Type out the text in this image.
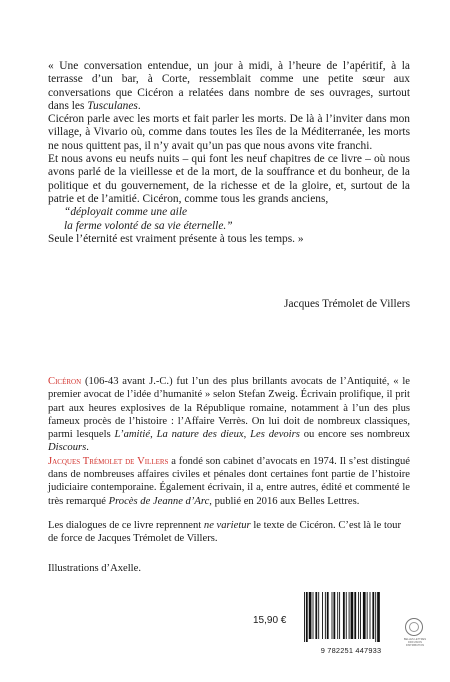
« Une conversation entendue, un jour à midi, à l’heure de l’apéritif, à la terrasse d’un bar, à Corte, ressemblait comme une petite sœur aux conversations que Cicéron a relatées dans nombre de ses ouvrages, surtout dans les Tusculanes.

Cicéron parle avec les morts et fait parler les morts. De là à l’inviter dans mon village, à Vivario où, comme dans toutes les îles de la Méditerranée, les morts ne nous quittent pas, il n’y avait qu’un pas que nous avons vite franchi.

Et nous avons eu neufs nuits – qui font les neuf chapitres de ce livre – où nous avons parlé de la vieillesse et de la mort, de la souffrance et du bonheur, de la politique et du gouvernement, de la richesse et de la gloire, et, surtout de la patrie et de l’amitié. Cicéron, comme tous les grands anciens,

“déployait comme une aile

la ferme volonté de sa vie éternelle.”

Seule l’éternité est vraiment présente à tous les temps. »

Jacques Trémolet de Villers

Cicéron (106-43 avant J.-C.) fut l’un des plus brillants avocats de l’Antiquité, « le premier avocat de l’idée d’humanité » selon Stefan Zweig. Écrivain prolifique, il prit part aux heures explosives de la République romaine, notamment à l’un des plus fameux procès de l’histoire : l’Affaire Verrès. On lui doit de nombreux classiques, parmi lesquels L’amitié, La nature des dieux, Les devoirs ou encore ses nombreux Discours.

Jacques Trémolet de Villers a fondé son cabinet d’avocats en 1974. Il s’est distingué dans de nombreuses affaires civiles et pénales dont certaines font partie de l’histoire judiciaire contemporaine. Également écrivain, il a, entre autres, édité et commenté le très remarqué Procès de Jeanne d’Arc, publié en 2016 aux Belles Lettres.

Les dialogues de ce livre reprennent ne varietur le texte de Cicéron. C’est là le tour de force de Jacques Trémolet de Villers.

Illustrations d’Axelle.

15,90 €
9 782251 447933
BELLES LETTRES DIFFUSION DISTRIBUTION
